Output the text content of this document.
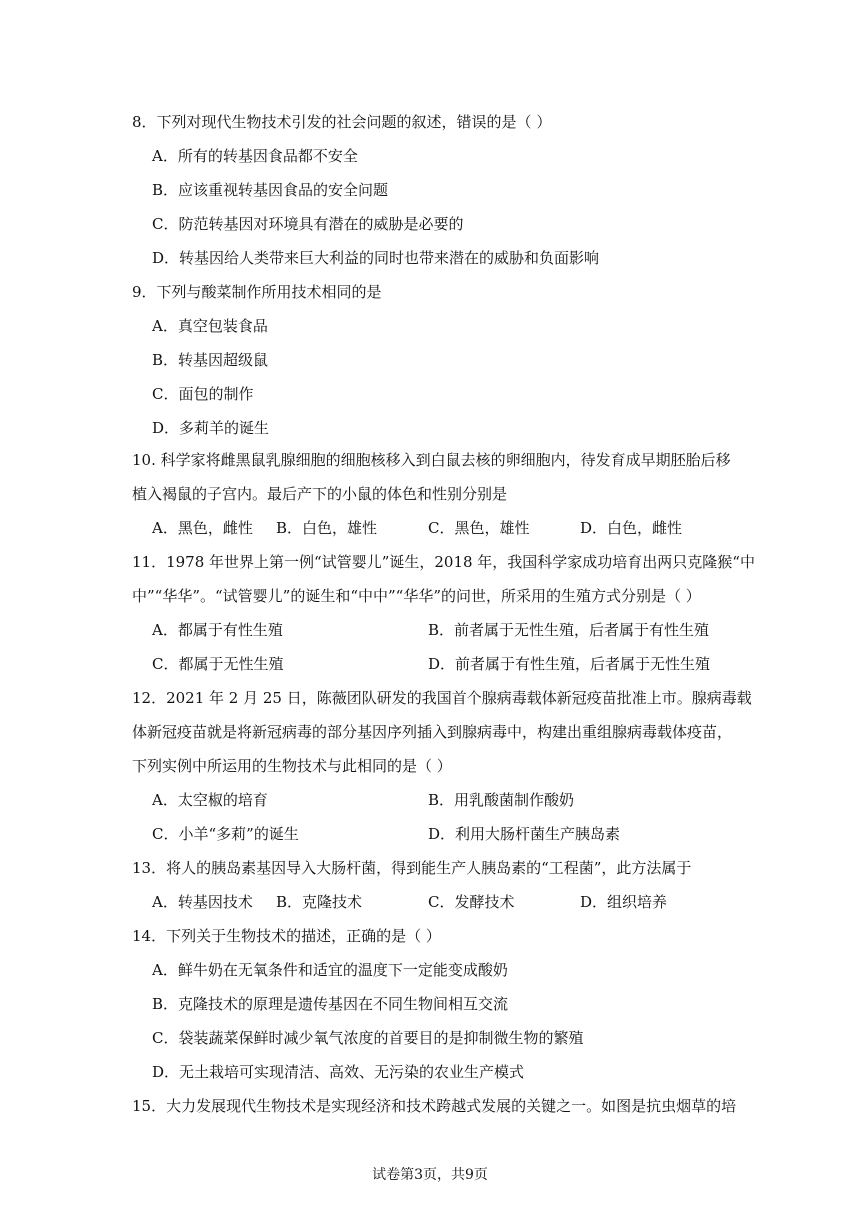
8．下列对现代生物技术引发的社会问题的叙述，错误的是（ ）
A．所有的转基因食品都不安全
B．应该重视转基因食品的安全问题
C．防范转基因对环境具有潜在的威胁是必要的
D．转基因给人类带来巨大利益的同时也带来潜在的威胁和负面影响
9．下列与酸菜制作所用技术相同的是
A．真空包装食品
B．转基因超级鼠
C．面包的制作
D．多莉羊的诞生
10. 科学家将雌黑鼠乳腺细胞的细胞核移入到白鼠去核的卵细胞内，待发育成早期胚胎后移
植入褐鼠的子宫内。最后产下的小鼠的体色和性别分别是
A．黑色，雌性 B．白色，雄性	C．黑色，雄性	D．白色，雌性
11．1978 年世界上第一例“试管婴儿”诞生，2018 年，我国科学家成功培育出两只克隆猴“中
中”“华华”。“试管婴儿”的诞生和“中中”“华华”的问世，所采用的生殖方式分别是（ ）
A．都属于有性生殖	B．前者属于无性生殖，后者属于有性生殖
C．都属于无性生殖	D．前者属于有性生殖，后者属于无性生殖
12．2021 年 2 月 25 日，陈薇团队研发的我国首个腺病毒载体新冠疫苗批准上市。腺病毒载
体新冠疫苗就是将新冠病毒的部分基因序列插入到腺病毒中，构建出重组腺病毒载体疫苗，
下列实例中所运用的生物技术与此相同的是（ ）
A．太空椒的培育	B．用乳酸菌制作酸奶
C．小羊“多莉”的诞生	D．利用大肠杆菌生产胰岛素
13．将人的胰岛素基因导入大肠杆菌，得到能生产人胰岛素的“工程菌”，此方法属于
A．转基因技术 B．克隆技术	C．发酵技术	D．组织培养
14．下列关于生物技术的描述，正确的是（ ）
A．鲜牛奶在无氧条件和适宜的温度下一定能变成酸奶
B．克隆技术的原理是遗传基因在不同生物间相互交流
C．袋装蔬菜保鲜时减少氧气浓度的首要目的是抑制微生物的繁殖
D．无土栽培可实现清洁、高效、无污染的农业生产模式
15．大力发展现代生物技术是实现经济和技术跨越式发展的关键之一。如图是抗虫烟草的培
试卷第3页，共9页
